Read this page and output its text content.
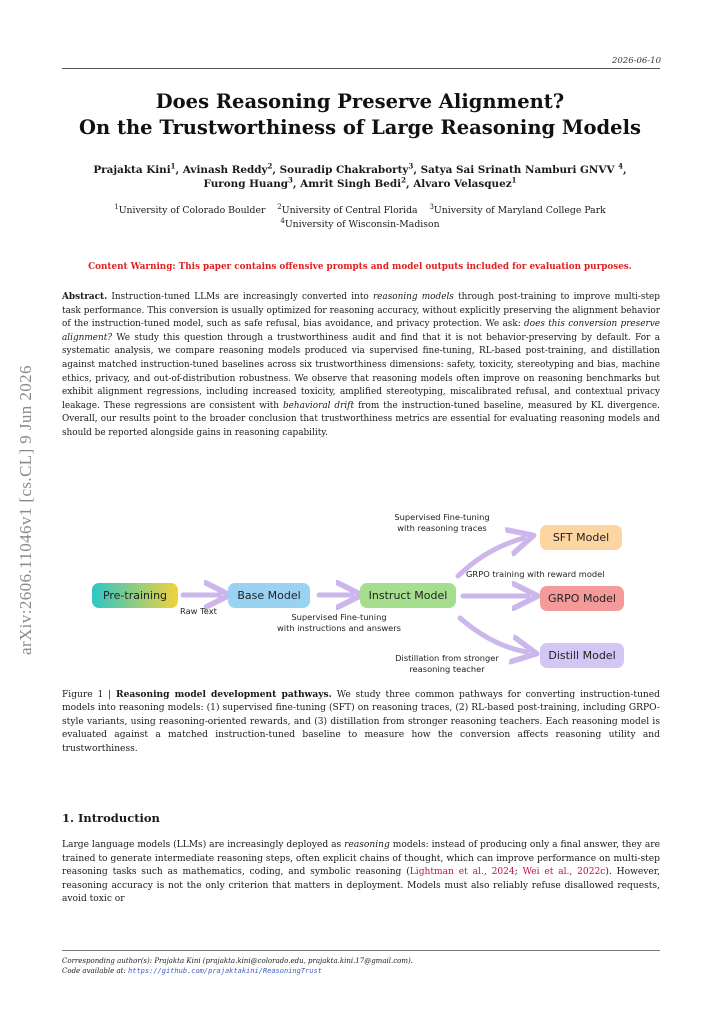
2026-06-10
Does Reasoning Preserve Alignment?
On the Trustworthiness of Large Reasoning Models
Prajakta Kini$^1$, Avinash Reddy$^2$, Souradip Chakraborty$^3$, Satya Sai Srinath Namburi GNVV $^4$,
Furong Huang$^3$, Amrit Singh Bedi$^2$, Alvaro Velasquez$^1$
$^1$University of Colorado Boulder $^2$University of Central Florida $^3$University of Maryland College Park
$^4$University of Wisconsin-Madison
Content Warning: This paper contains offensive prompts and model outputs included for evaluation purposes.
arXiv:2606.11046v1 [cs.CL] 9 Jun 2026
Abstract. Instruction-tuned LLMs are increasingly converted into reasoning models through post-training to improve multi-step task performance. This conversion is usually optimized for reasoning accuracy, without explicitly preserving the alignment behavior of the instruction-tuned model, such as safe refusal, bias avoidance, and privacy protection. We ask: does this conversion preserve alignment? We study this question through a trustworthiness audit and find that it is not behavior-preserving by default. For a systematic analysis, we compare reasoning models produced via supervised fine-tuning, RL-based post-training, and distillation against matched instruction-tuned baselines across six trustworthiness dimensions: safety, toxicity, stereotyping and bias, machine ethics, privacy, and out-of-distribution robustness. We observe that reasoning models often improve on reasoning benchmarks but exhibit alignment regressions, including increased toxicity, amplified stereotyping, miscalibrated refusal, and contextual privacy leakage. These regressions are consistent with behavioral drift from the instruction-tuned baseline, measured by KL divergence. Overall, our results point to the broader conclusion that trustworthiness metrics are essential for evaluating reasoning models and should be reported alongside gains in reasoning capability.
Pre-training	Base Model	Instruct Model
SFT Model
GRPO Model
Distill Model
Raw Text
Supervised Fine-tuning
with instructions and answers
Supervised Fine-tuning
with reasoning traces
GRPO training with reward model
Distillation from stronger
reasoning teacher
Figure 1 | Reasoning model development pathways. We study three common pathways for converting instruction-tuned models into reasoning models: (1) supervised fine-tuning (SFT) on reasoning traces, (2) RL-based post-training, including GRPO-style variants, using reasoning-oriented rewards, and (3) distillation from stronger reasoning teachers. Each reasoning model is evaluated against a matched instruction-tuned baseline to measure how the conversion affects reasoning utility and trustworthiness.
1. Introduction
Large language models (LLMs) are increasingly deployed as reasoning models: instead of producing only a final answer, they are trained to generate intermediate reasoning steps, often explicit chains of thought, which can improve performance on multi-step reasoning tasks such as mathematics, coding, and symbolic reasoning (Lightman et al., 2024; Wei et al., 2022c). However, reasoning accuracy is not the only criterion that matters in deployment. Models must also reliably refuse disallowed requests, avoid toxic or
Corresponding author(s): Prajakta Kini (prajakta.kini@colorado.edu, prajakta.kini.17@gmail.com).
Code available at: https://github.com/prajaktakini/ReasoningTrust
